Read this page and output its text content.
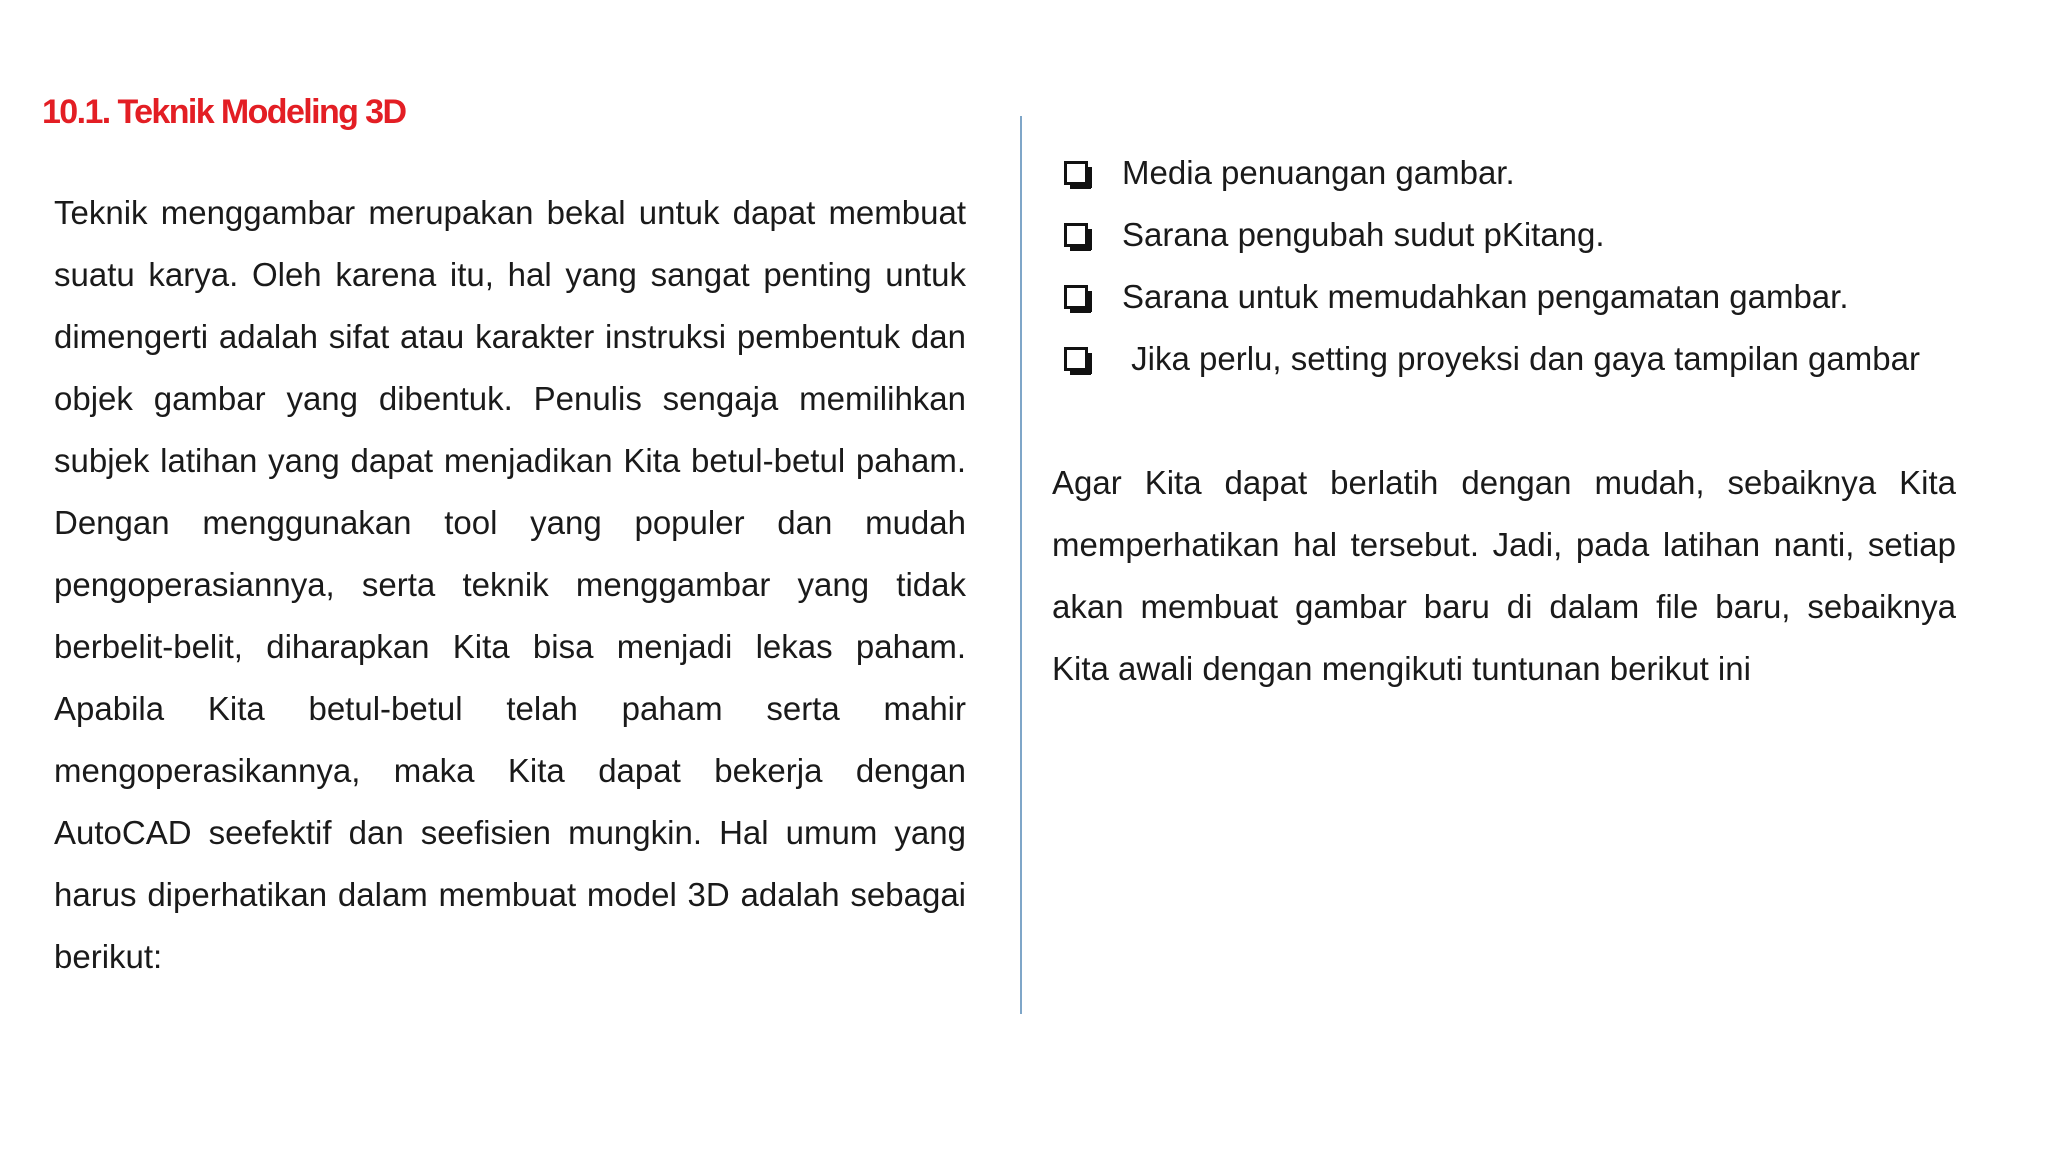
10.1. Teknik Modeling 3D

Teknik menggambar merupakan bekal untuk dapat membuat suatu karya. Oleh karena itu, hal yang sangat penting untuk dimengerti adalah sifat atau karakter instruksi pembentuk dan objek gambar yang dibentuk. Penulis sengaja memilihkan subjek latihan yang dapat menjadikan Kita betul-betul paham. Dengan menggunakan tool yang populer dan mudah pengoperasiannya, serta teknik menggambar yang tidak berbelit-belit, diharapkan Kita bisa menjadi lekas paham. Apabila Kita betul-betul telah paham serta mahir mengoperasikannya, maka Kita dapat bekerja dengan AutoCAD seefektif dan seefisien mungkin. Hal umum yang harus diperhatikan dalam membuat model 3D adalah sebagai berikut:

Media penuangan gambar.
Sarana pengubah sudut pKitang.
Sarana untuk memudahkan pengamatan gambar.
Jika perlu, setting proyeksi dan gaya tampilan gambar

Agar Kita dapat berlatih dengan mudah, sebaiknya Kita memperhatikan hal tersebut. Jadi, pada latihan nanti, setiap akan membuat gambar baru di dalam file baru, sebaiknya Kita awali dengan mengikuti tuntunan berikut ini
